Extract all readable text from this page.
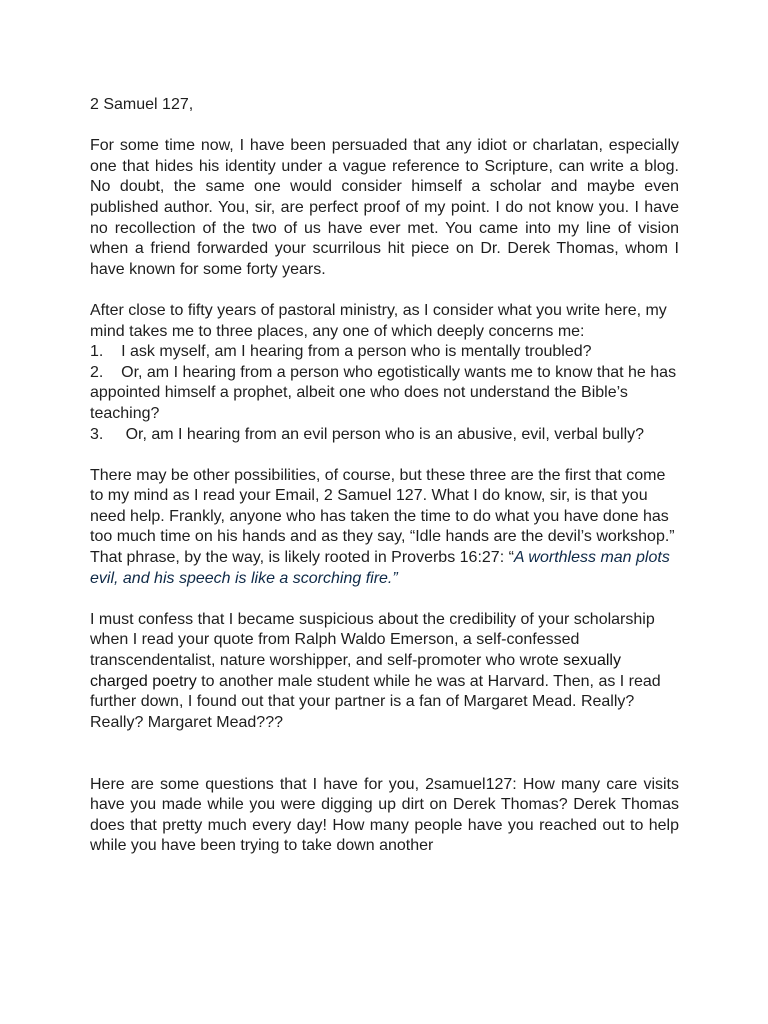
2 Samuel 127,

For some time now, I have been persuaded that any idiot or charlatan, especially one that hides his identity under a vague reference to Scripture, can write a blog. No doubt, the same one would consider himself a scholar and maybe even published author. You, sir, are perfect proof of my point. I do not know you. I have no recollection of the two of us have ever met. You came into my line of vision when a friend forwarded your scurrilous hit piece on Dr. Derek Thomas, whom I have known for some forty years.

After close to fifty years of pastoral ministry, as I consider what you write here, my mind takes me to three places, any one of which deeply concerns me:

1. I ask myself, am I hearing from a person who is mentally troubled?
2. Or, am I hearing from a person who egotistically wants me to know that he has appointed himself a prophet, albeit one who does not understand the Bible’s teaching?
3. Or, am I hearing from an evil person who is an abusive, evil, verbal bully?

There may be other possibilities, of course, but these three are the first that come to my mind as I read your Email, 2 Samuel 127. What I do know, sir, is that you need help. Frankly, anyone who has taken the time to do what you have done has too much time on his hands and as they say, “Idle hands are the devil’s workshop.” That phrase, by the way, is likely rooted in Proverbs 16:27: “A worthless man plots evil, and his speech is like a scorching fire.”

I must confess that I became suspicious about the credibility of your scholarship when I read your quote from Ralph Waldo Emerson, a self-confessed transcendentalist, nature worshipper, and self-promoter who wrote sexually charged poetry to another male student while he was at Harvard. Then, as I read further down, I found out that your partner is a fan of Margaret Mead. Really? Really? Margaret Mead???

Here are some questions that I have for you, 2samuel127: How many care visits have you made while you were digging up dirt on Derek Thomas? Derek Thomas does that pretty much every day! How many people have you reached out to help while you have been trying to take down another
